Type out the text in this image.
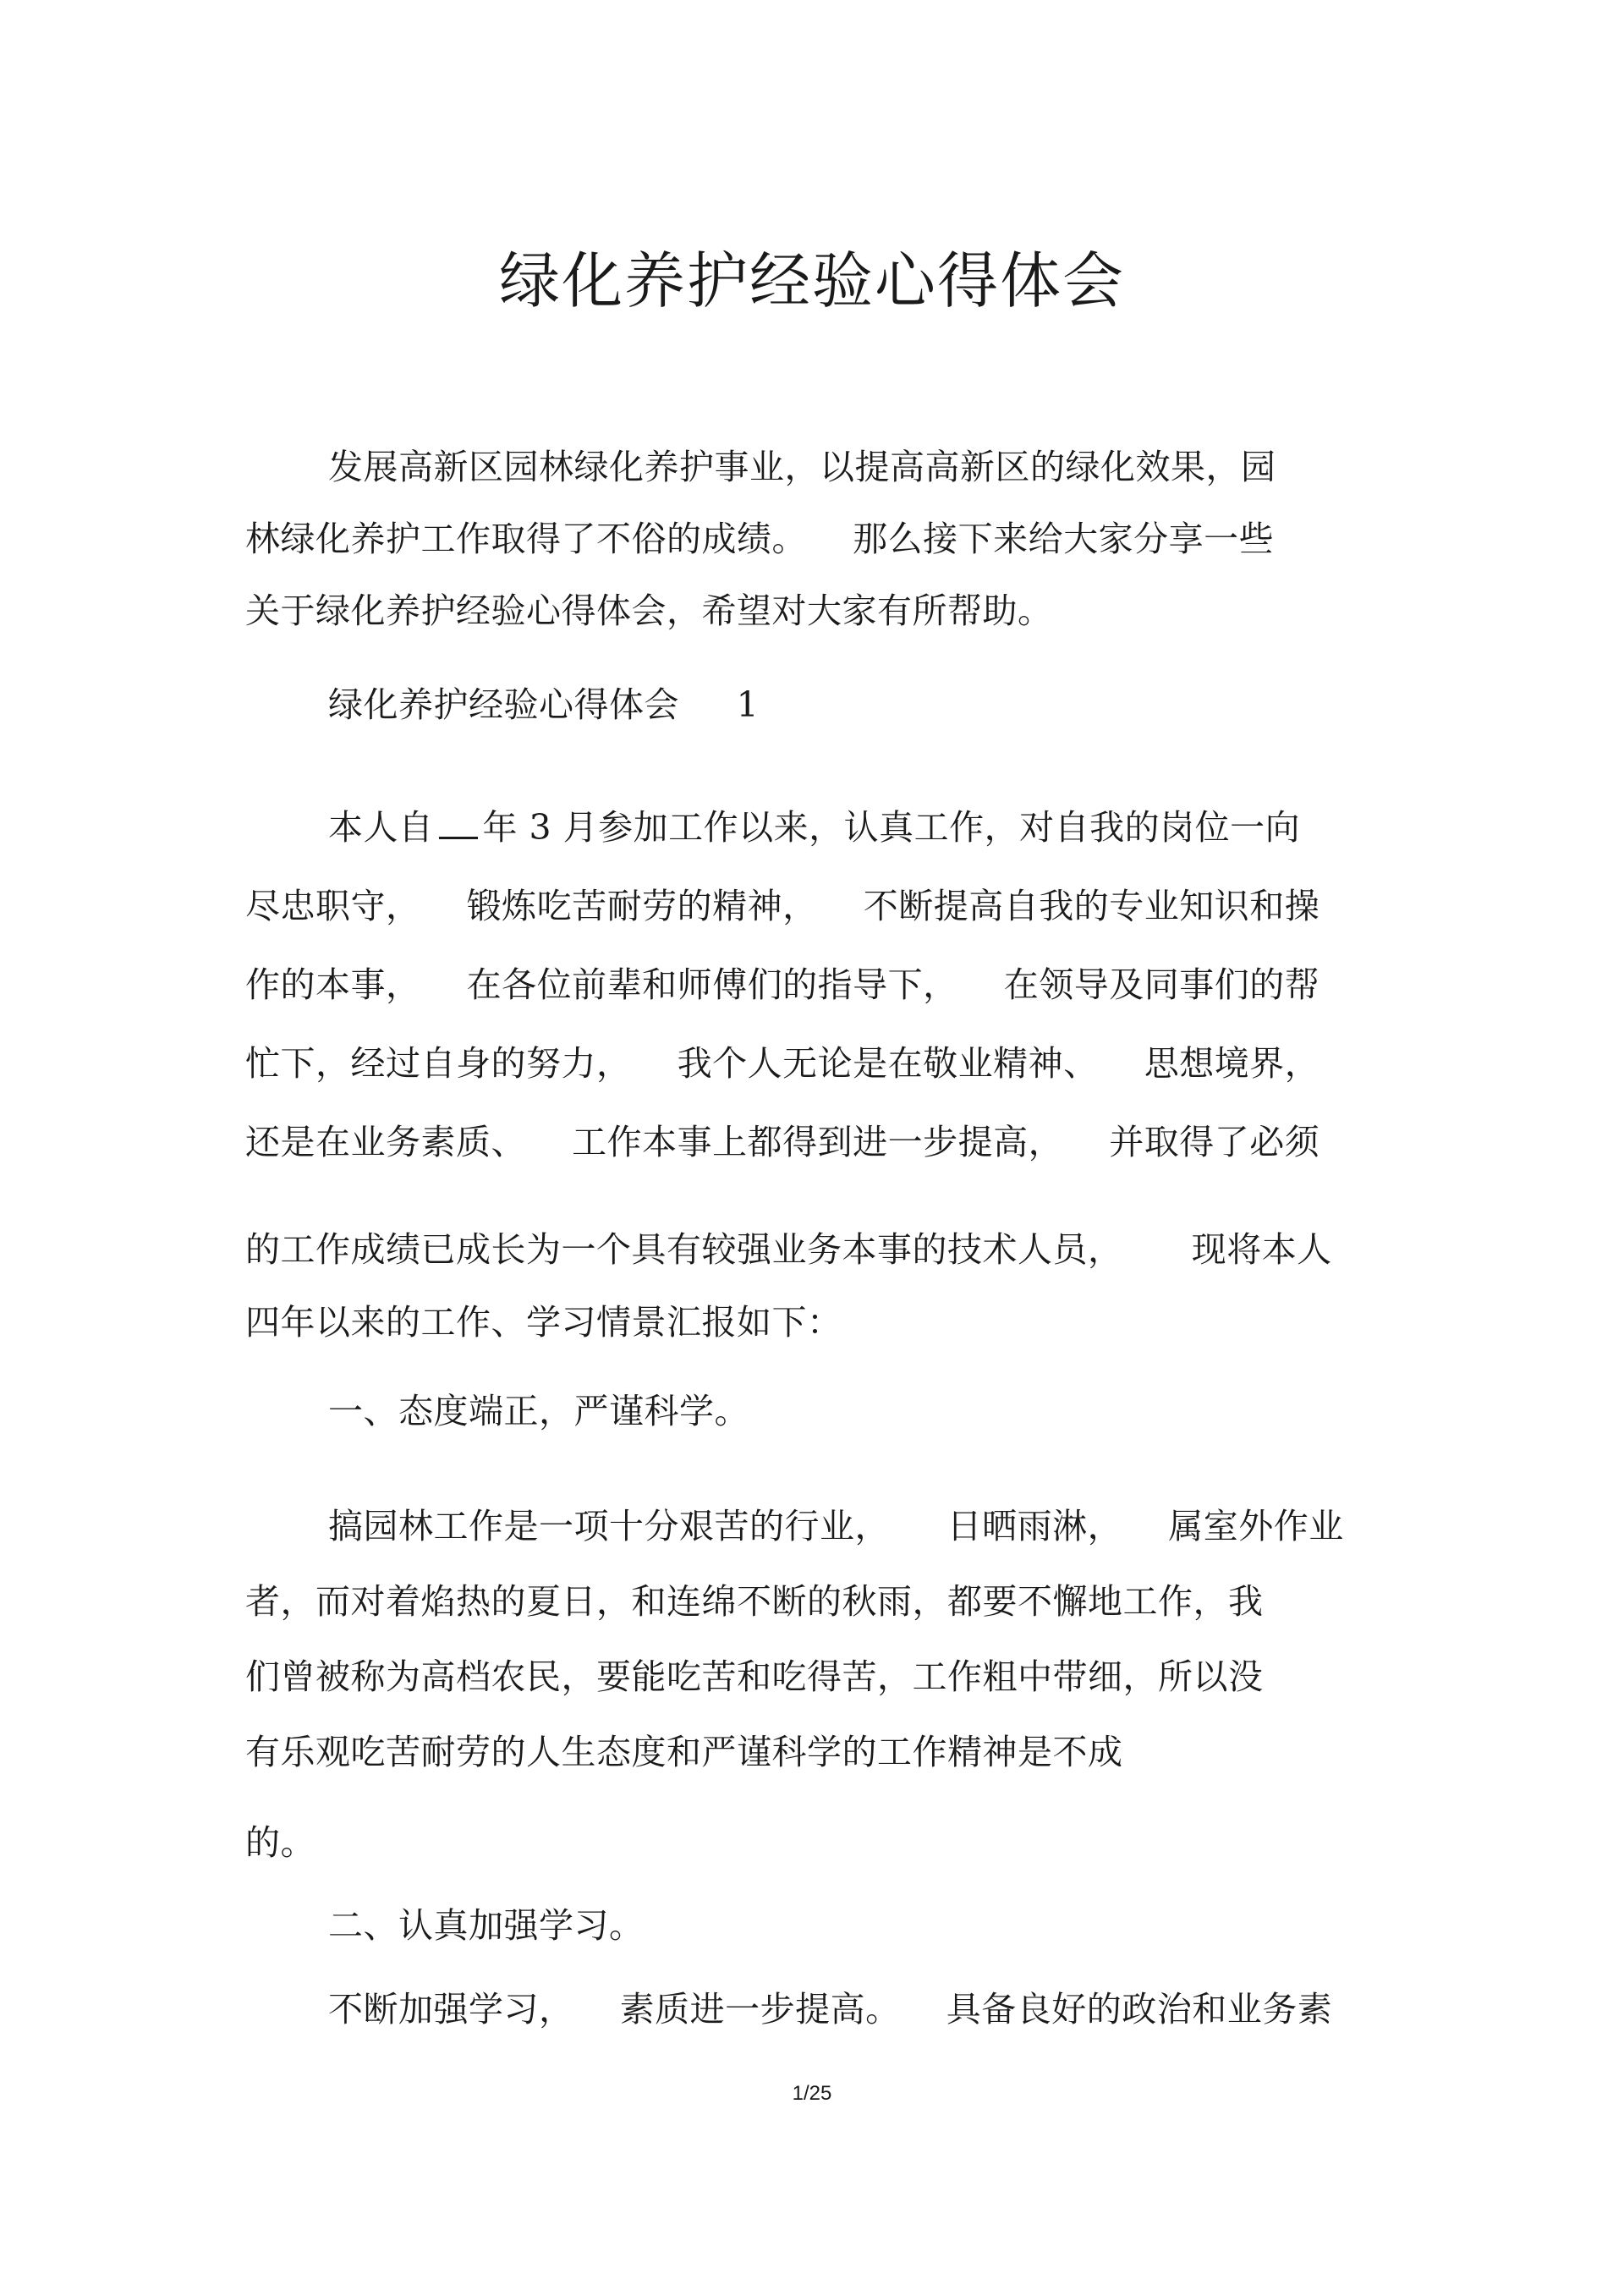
绿化养护经验心得体会
发展高新区园林绿化养护事业，以提高高新区的绿化效果，园
林绿化养护工作取得了不俗的成绩。    那么接下来给大家分享一些
关于绿化养护经验心得体会，希望对大家有所帮助。
绿化养护经验心得体会     1
本人自 年 3 月参加工作以来，认真工作，对自我的岗位一向
尽忠职守，    锻炼吃苦耐劳的精神，    不断提高自我的专业知识和操
作的本事，    在各位前辈和师傅们的指导下，    在领导及同事们的帮
忙下，经过自身的努力，    我个人无论是在敬业精神、    思想境界，
还是在业务素质、    工作本事上都得到进一步提高，    并取得了必须
的工作成绩已成长为一个具有较强业务本事的技术人员，      现将本人
四年以来的工作、学习情景汇报如下：
一、态度端正，严谨科学。
搞园林工作是一项十分艰苦的行业，     日晒雨淋，    属室外作业
者，而对着焰热的夏日，和连绵不断的秋雨，都要不懈地工作，我
们曾被称为高档农民，要能吃苦和吃得苦，工作粗中带细，所以没
有乐观吃苦耐劳的人生态度和严谨科学的工作精神是不成
的。
二、认真加强学习。
不断加强学习，    素质进一步提高。    具备良好的政治和业务素
1/25
